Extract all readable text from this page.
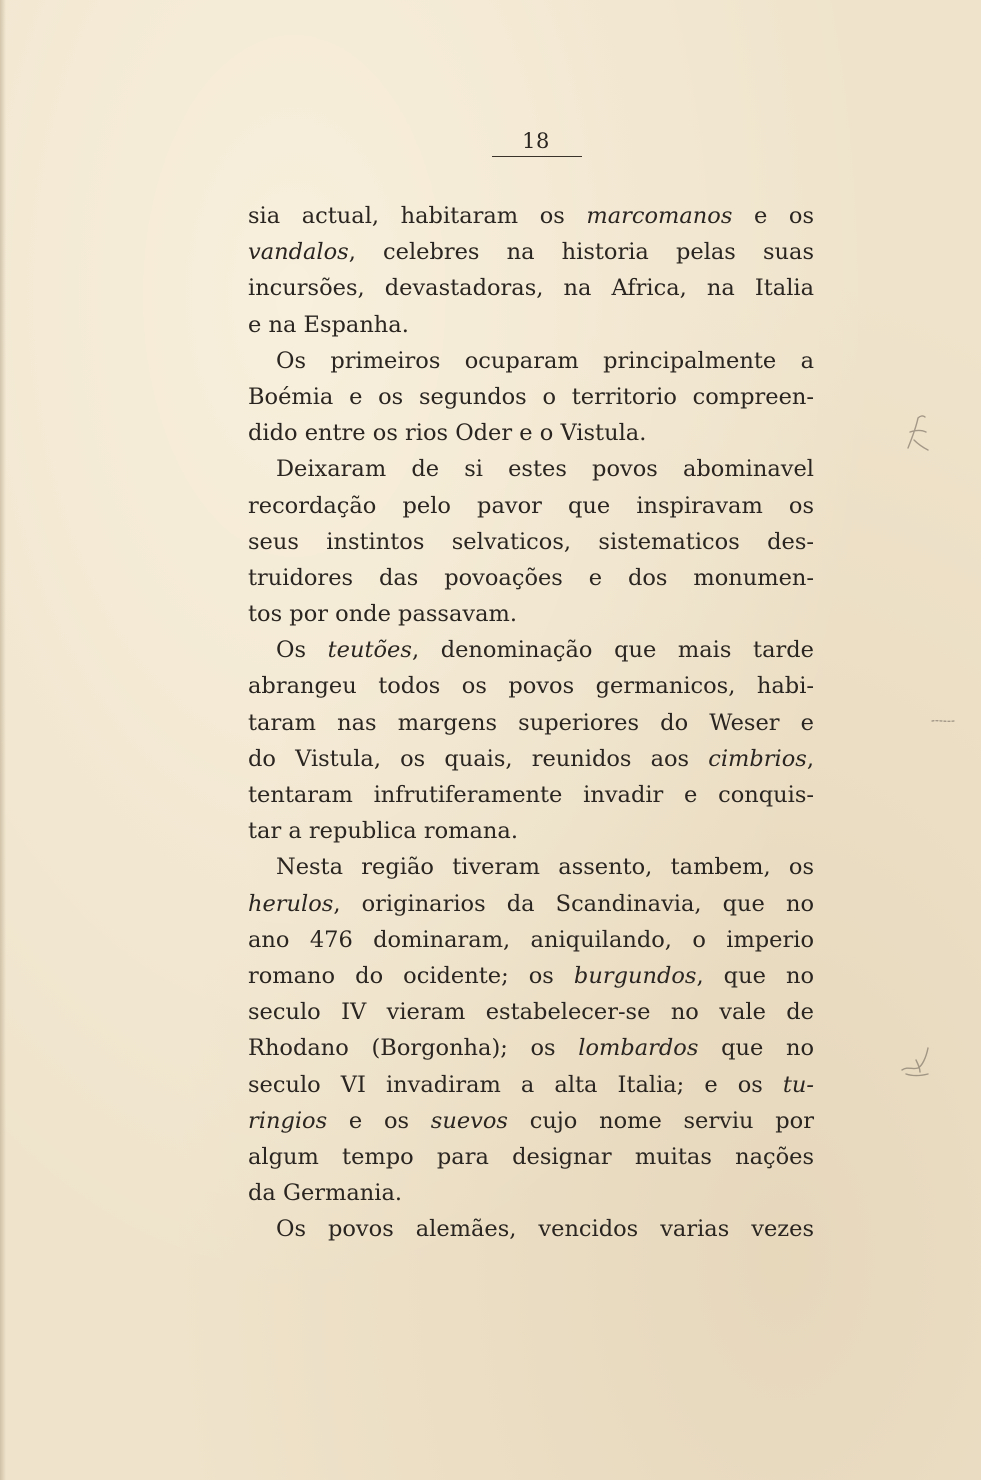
18
sia actual, habitaram os marcomanos e os
vandalos, celebres na historia pelas suas
incursões, devastadoras, na Africa, na Italia
e na Espanha.
Os primeiros ocuparam principalmente a
Boémia e os segundos o territorio compreen-
dido entre os rios Oder e o Vistula.
Deixaram de si estes povos abominavel
recordação pelo pavor que inspiravam os
seus instintos selvaticos, sistematicos des-
truidores das povoações e dos monumen-
tos por onde passavam.
Os teutões, denominação que mais tarde
abrangeu todos os povos germanicos, habi-
taram nas margens superiores do Weser e
do Vistula, os quais, reunidos aos cimbrios,
tentaram infrutiferamente invadir e conquis-
tar a republica romana.
Nesta região tiveram assento, tambem, os
herulos, originarios da Scandinavia, que no
ano 476 dominaram, aniquilando, o imperio
romano do ocidente; os burgundos, que no
seculo IV vieram estabelecer-se no vale de
Rhodano (Borgonha); os lombardos que no
seculo VI invadiram a alta Italia; e os tu-
ringios e os suevos cujo nome serviu por
algum tempo para designar muitas nações
da Germania.
Os povos alemães, vencidos varias vezes
